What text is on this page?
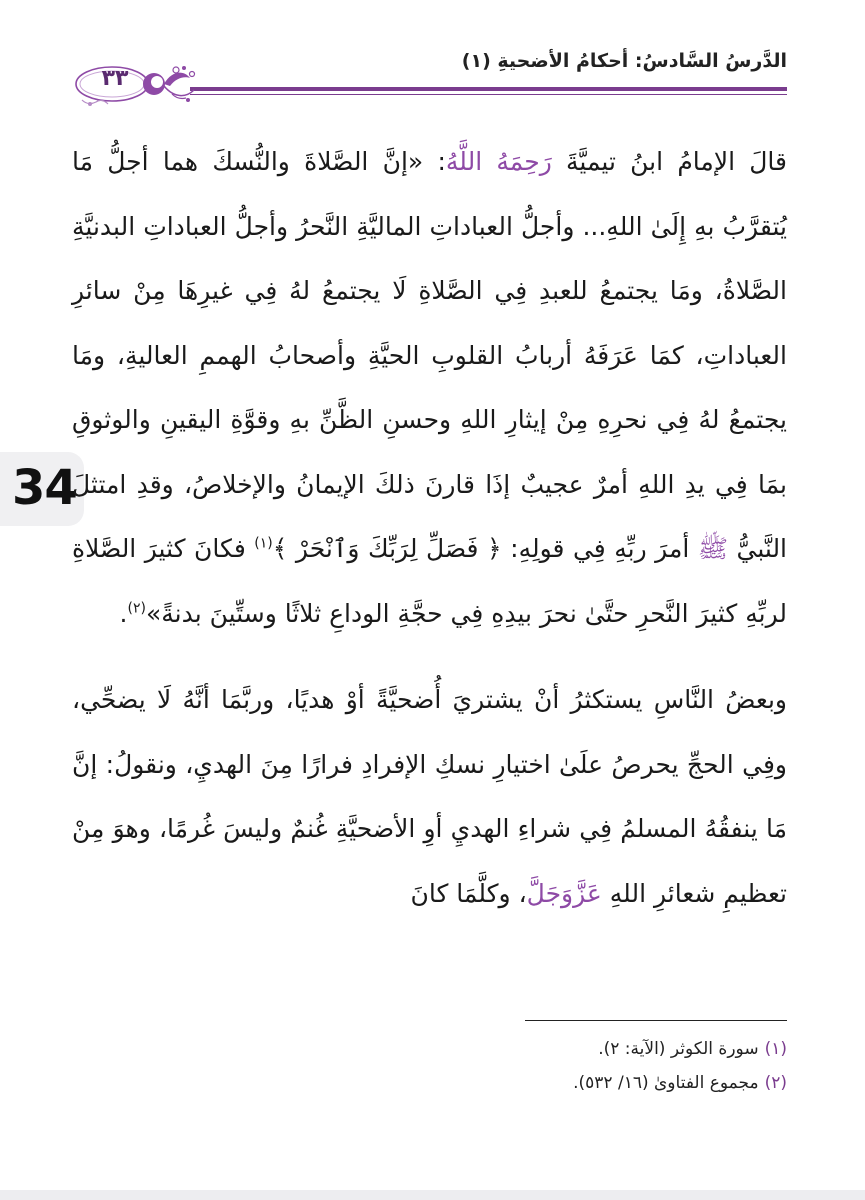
الدَّرسُ السَّادسُ: أحكامُ الأضحيةِ (١)
٣٣
34

قالَ الإمامُ ابنُ تيميَّةَ رَحِمَهُ اللَّهُ: «إنَّ الصَّلاةَ والنُّسكَ هما أجلُّ مَا يُتقرَّبُ بهِ إِلَىٰ اللهِ... وأجلُّ العباداتِ الماليَّةِ النَّحرُ وأجلُّ العباداتِ البدنيَّةِ الصَّلاةُ، ومَا يجتمعُ للعبدِ فِي الصَّلاةِ لَا يجتمعُ لهُ فِي غيرِهَا مِنْ سائرِ العباداتِ، كمَا عَرَفَهُ أربابُ القلوبِ الحيَّةِ وأصحابُ الهممِ العاليةِ، ومَا يجتمعُ لهُ فِي نحرِهِ مِنْ إيثارِ اللهِ وحسنِ الظَّنِّ بهِ وقوَّةِ اليقينِ والوثوقِ بمَا فِي يدِ اللهِ أمرٌ عجيبٌ إذَا قارنَ ذلكَ الإيمانُ والإخلاصُ، وقدِ امتثلَ النَّبيُّ ﷺ أمرَ ربِّهِ فِي قولِهِ: ﴿ فَصَلِّ لِرَبِّكَ وَٱنْحَرْ ﴾$^{(١)}$ فكانَ كثيرَ الصَّلاةِ لربِّهِ كثيرَ النَّحرِ حتَّىٰ نحرَ بيدِهِ فِي حجَّةِ الوداعِ ثلاثًا وستِّينَ بدنةً»$^{(٢)}$.

وبعضُ النَّاسِ يستكثرُ أنْ يشتريَ أُضحيَّةً أوْ هديًا، وربَّمَا أنَّهُ لَا يضحِّي، وفِي الحجِّ يحرصُ علَىٰ اختيارِ نسكِ الإفرادِ فرارًا مِنَ الهديِ، ونقولُ: إنَّ مَا ينفقُهُ المسلمُ فِي شراءِ الهديِ أوِ الأضحيَّةِ غُنمٌ وليسَ غُرمًا، وهوَ مِنْ تعظيمِ شعائرِ اللهِ عَزَّوَجَلَّ، وكلَّمَا كانَ

(١)سورة الكوثر (الآية: ٢).
(٢)مجموع الفتاوىٰ (١٦/ ٥٣٢).
